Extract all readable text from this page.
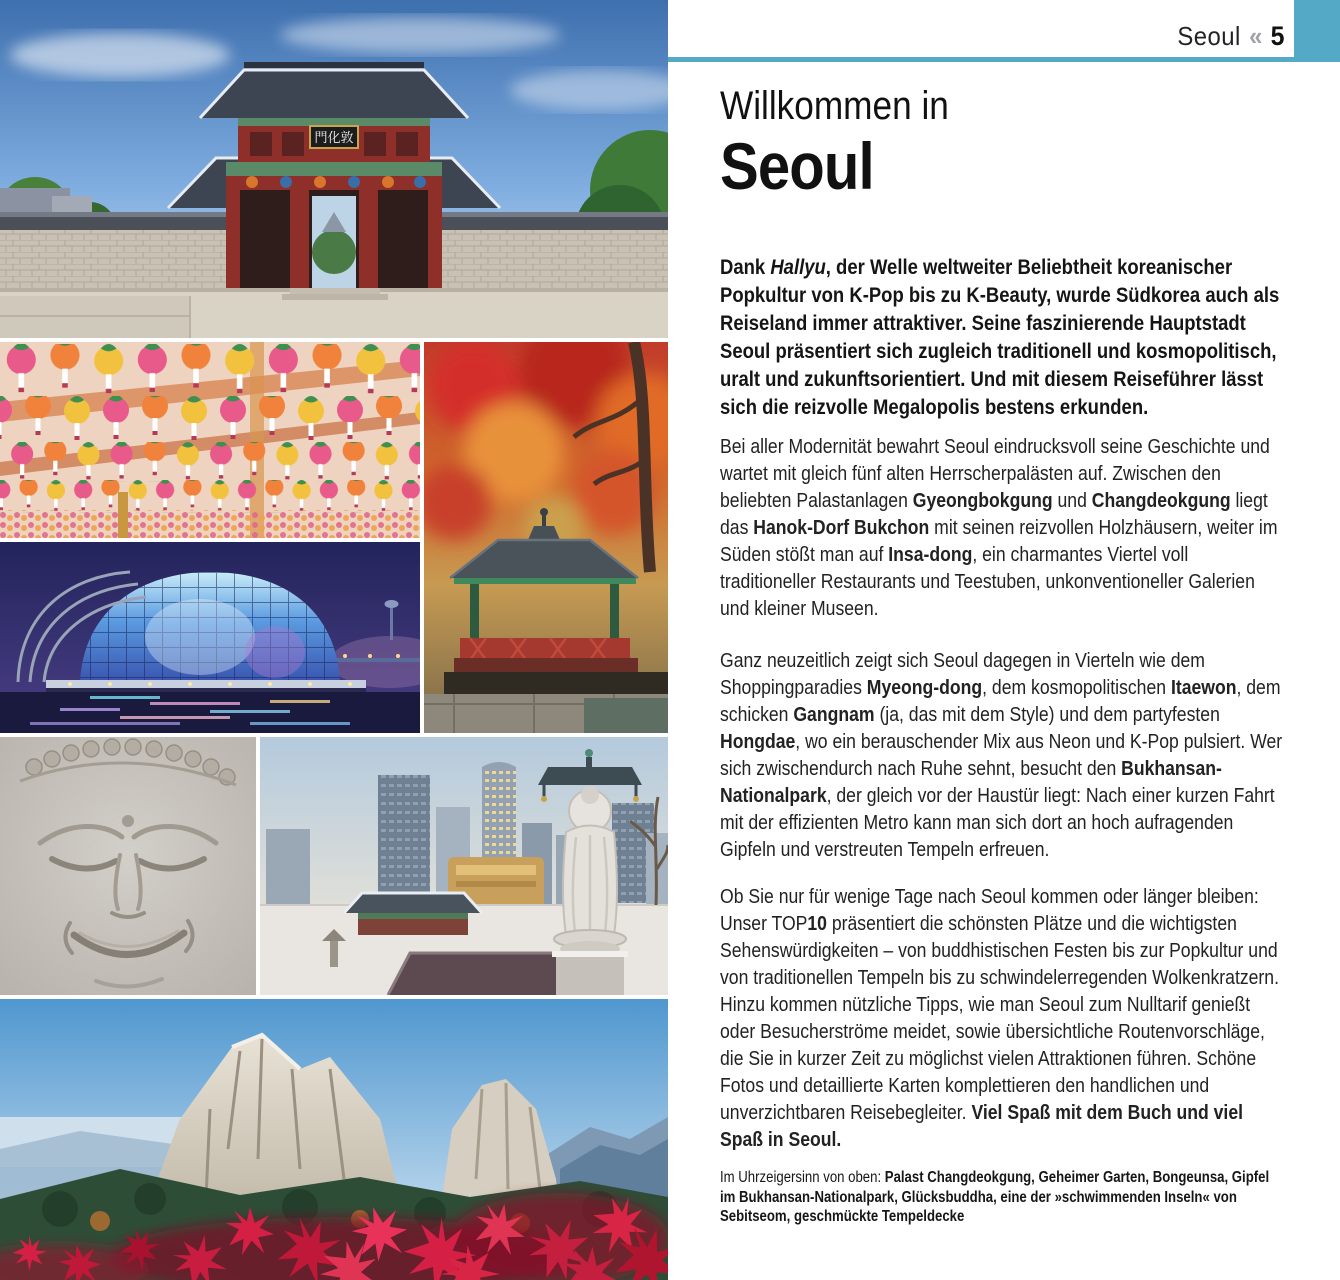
門化敦
Seoul « 5
Willkommen in
Seoul
Dank Hallyu, der Welle weltweiter Beliebtheit koreanischer Popkultur von K-Pop bis zu K-Beauty, wurde Südkorea auch als Reiseland immer attraktiver. Seine faszinierende Hauptstadt Seoul präsentiert sich zugleich traditionell und kosmopolitisch, uralt und zukunftsorientiert. Und mit diesem Reiseführer lässt sich die reizvolle Megalopolis bestens erkunden.
Bei aller Modernität bewahrt Seoul eindrucksvoll seine Geschichte und wartet mit gleich fünf alten Herrscherpalästen auf. Zwischen den beliebten Palastanlagen Gyeongbokgung und Changdeokgung liegt das Hanok-Dorf Bukchon mit seinen reizvollen Holzhäusern, weiter im Süden stößt man auf Insa-dong, ein charmantes Viertel voll traditioneller Restaurants und Teestuben, unkonventioneller Galerien und kleiner Museen.
Ganz neuzeitlich zeigt sich Seoul dagegen in Vierteln wie dem Shoppingparadies Myeong-dong, dem kosmopolitischen Itaewon, dem schicken Gangnam (ja, das mit dem Style) und dem partyfesten Hongdae, wo ein berauschender Mix aus Neon und K-Pop pulsiert. Wer sich zwischendurch nach Ruhe sehnt, besucht den Bukhansan-Nationalpark, der gleich vor der Haustür liegt: Nach einer kurzen Fahrt mit der effizienten Metro kann man sich dort an hoch aufragenden Gipfeln und verstreuten Tempeln erfreuen.
Ob Sie nur für wenige Tage nach Seoul kommen oder länger bleiben: Unser TOP10 präsentiert die schönsten Plätze und die wichtigsten Sehenswürdigkeiten – von buddhistischen Festen bis zur Popkultur und von traditionellen Tempeln bis zu schwindelerregenden Wolkenkratzern. Hinzu kommen nützliche Tipps, wie man Seoul zum Nulltarif genießt oder Besucherströme meidet, sowie übersichtliche Routenvorschläge, die Sie in kurzer Zeit zu möglichst vielen Attraktionen führen. Schöne Fotos und detaillierte Karten komplettieren den handlichen und unverzichtbaren Reisebegleiter. Viel Spaß mit dem Buch und viel Spaß in Seoul.
Im Uhrzeigersinn von oben: Palast Changdeokgung, Geheimer Garten, Bongeunsa, Gipfel im Bukhansan-Nationalpark, Glücksbuddha, eine der »schwimmenden Inseln« von Sebitseom, geschmückte Tempeldecke
